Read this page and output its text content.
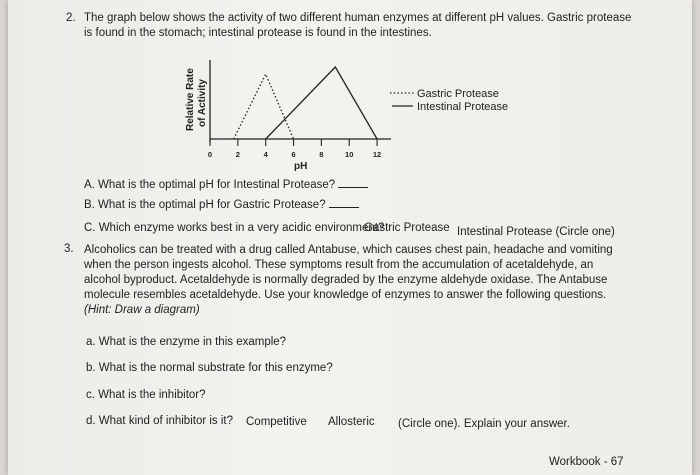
2. The graph below shows the activity of two different human enzymes at different pH values. Gastric protease
is found in the stomach; intestinal protease is found in the intestines.
Relative Rate of Activity
0	2	4	6	8	10	12
pH
Gastric Protease
Intestinal Protease
A. What is the optimal pH for Intestinal Protease?
B. What is the optimal pH for Gastric Protease?
C. Which enzyme works best in a very acidic environment?
Gastric Protease Intestinal Protease (Circle one)
3. Alcoholics can be treated with a drug called Antabuse, which causes chest pain, headache and vomiting
when the person ingests alcohol. These symptoms result from the accumulation of acetaldehyde, an
alcohol byproduct. Acetaldehyde is normally degraded by the enzyme aldehyde oxidase. The Antabuse
molecule resembles acetaldehyde. Use your knowledge of enzymes to answer the following questions.
(Hint: Draw a diagram)
a. What is the enzyme in this example?
b. What is the normal substrate for this enzyme?
c. What is the inhibitor?
d. What kind of inhibitor is it? Competitive Allosteric (Circle one). Explain your answer.
Workbook - 67
